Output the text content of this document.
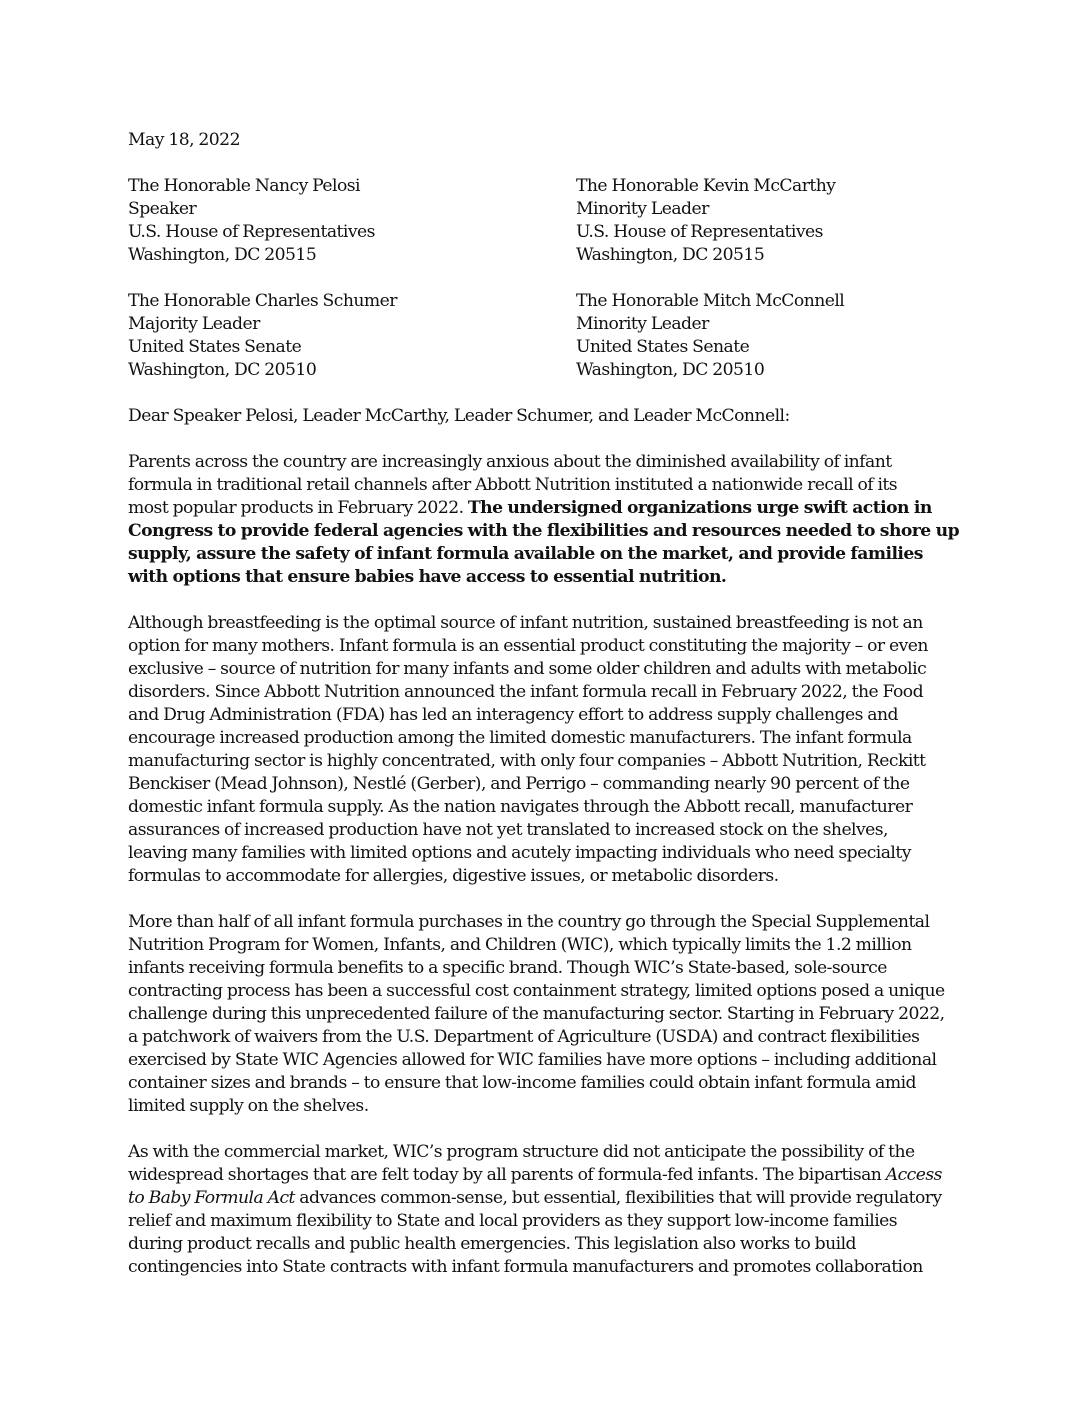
May 18, 2022
The Honorable Nancy Pelosi
Speaker
U.S. House of Representatives
Washington, DC 20515
The Honorable Kevin McCarthy
Minority Leader
U.S. House of Representatives
Washington, DC 20515
The Honorable Charles Schumer
Majority Leader
United States Senate
Washington, DC 20510
The Honorable Mitch McConnell
Minority Leader
United States Senate
Washington, DC 20510
Dear Speaker Pelosi, Leader McCarthy, Leader Schumer, and Leader McConnell:
Parents across the country are increasingly anxious about the diminished availability of infant
formula in traditional retail channels after Abbott Nutrition instituted a nationwide recall of its
most popular products in February 2022. The undersigned organizations urge swift action in
Congress to provide federal agencies with the flexibilities and resources needed to shore up
supply, assure the safety of infant formula available on the market, and provide families
with options that ensure babies have access to essential nutrition.
Although breastfeeding is the optimal source of infant nutrition, sustained breastfeeding is not an
option for many mothers. Infant formula is an essential product constituting the majority – or even
exclusive – source of nutrition for many infants and some older children and adults with metabolic
disorders. Since Abbott Nutrition announced the infant formula recall in February 2022, the Food
and Drug Administration (FDA) has led an interagency effort to address supply challenges and
encourage increased production among the limited domestic manufacturers. The infant formula
manufacturing sector is highly concentrated, with only four companies – Abbott Nutrition, Reckitt
Benckiser (Mead Johnson), Nestlé (Gerber), and Perrigo – commanding nearly 90 percent of the
domestic infant formula supply. As the nation navigates through the Abbott recall, manufacturer
assurances of increased production have not yet translated to increased stock on the shelves,
leaving many families with limited options and acutely impacting individuals who need specialty
formulas to accommodate for allergies, digestive issues, or metabolic disorders.
More than half of all infant formula purchases in the country go through the Special Supplemental
Nutrition Program for Women, Infants, and Children (WIC), which typically limits the 1.2 million
infants receiving formula benefits to a specific brand. Though WIC’s State-based, sole-source
contracting process has been a successful cost containment strategy, limited options posed a unique
challenge during this unprecedented failure of the manufacturing sector. Starting in February 2022,
a patchwork of waivers from the U.S. Department of Agriculture (USDA) and contract flexibilities
exercised by State WIC Agencies allowed for WIC families have more options – including additional
container sizes and brands – to ensure that low-income families could obtain infant formula amid
limited supply on the shelves.
As with the commercial market, WIC’s program structure did not anticipate the possibility of the
widespread shortages that are felt today by all parents of formula-fed infants. The bipartisan Access
to Baby Formula Act advances common-sense, but essential, flexibilities that will provide regulatory
relief and maximum flexibility to State and local providers as they support low-income families
during product recalls and public health emergencies. This legislation also works to build
contingencies into State contracts with infant formula manufacturers and promotes collaboration
